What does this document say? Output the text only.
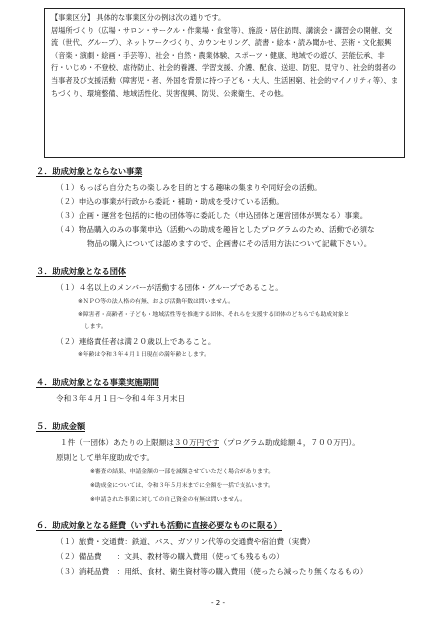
【事業区分】 具体的な事業区分の例は次の通りです。

居場所づくり（広場・サロン・サークル・作業場・食堂等）、施設・居住訪問、講演会・講習会の開催、交流（世代、グループ）、ネットワークづくり、カウンセリング、読書・絵本・読み聞かせ、芸術・文化振興（音楽・演劇・絵画・手芸等）、社会・自然・農業体験、スポーツ・健康、地域での遊び、芸能伝承、非行・いじめ・不登校、虐待防止、社会的養護、学習支援、介護、配食、送迎、防犯、見守り、社会的弱者の当事者及び支援活動（障害児・者、外国を背景に持つ子ども・大人、生活困窮、社会的マイノリティ等）、まちづくり、環境整備、地域活性化、災害復興、防災、公衆衛生、その他。

２．助成対象とならない事業
（１）もっぱら自分たちの楽しみを目的とする趣味の集まりや同好会の活動。
（２）申込の事業が行政から委託・補助・助成を受けている活動。
（３）企画・運営を包括的に他の団体等に委託した（申込団体と運営団体が異なる）事業。
（４）物品購入のみの事業申込（活動への助成を趣旨としたプログラムのため、活動で必須な
物品の購入については認めますので、企画書にその活用方法について記載下さい）。
３．助成対象となる団体
（１）４名以上のメンバーが活動する団体・グループであること。
※ＮＰＯ等の法人格の有無、および活動年数は問いません。
※障害者・高齢者・子ども・地域活性等を推進する団体、それらを支援する団体のどちらでも助成対象と
します。
（２）連絡責任者は満２０歳以上であること。
※年齢は令和３年４月１日現在の満年齢とします。
４．助成対象となる事業実施期間
令和３年４月１日～令和４年３月末日
５．助成金額
１件（一団体）あたりの上限額は３０万円です（プログラム助成総額４，７００万円）。
原則として単年度助成です。
※審査の結果、申請金額の一部を減額させていただく場合があります。
※助成金については、令和３年５月末までに全額を一括で支払います。
※申請された事業に対しての自己資金の有無は問いません。
６．助成対象となる経費（いずれも活動に直接必要なものに限る）
（１）旅費・交通費：鉄道、バス、ガソリン代等の交通費や宿泊費（実費）
（２）備品費　　：文具、教材等の購入費用（使っても残るもの）
（３）消耗品費　：用紙、食材、衛生資材等の購入費用（使ったら減ったり無くなるもの）
- 2 -
